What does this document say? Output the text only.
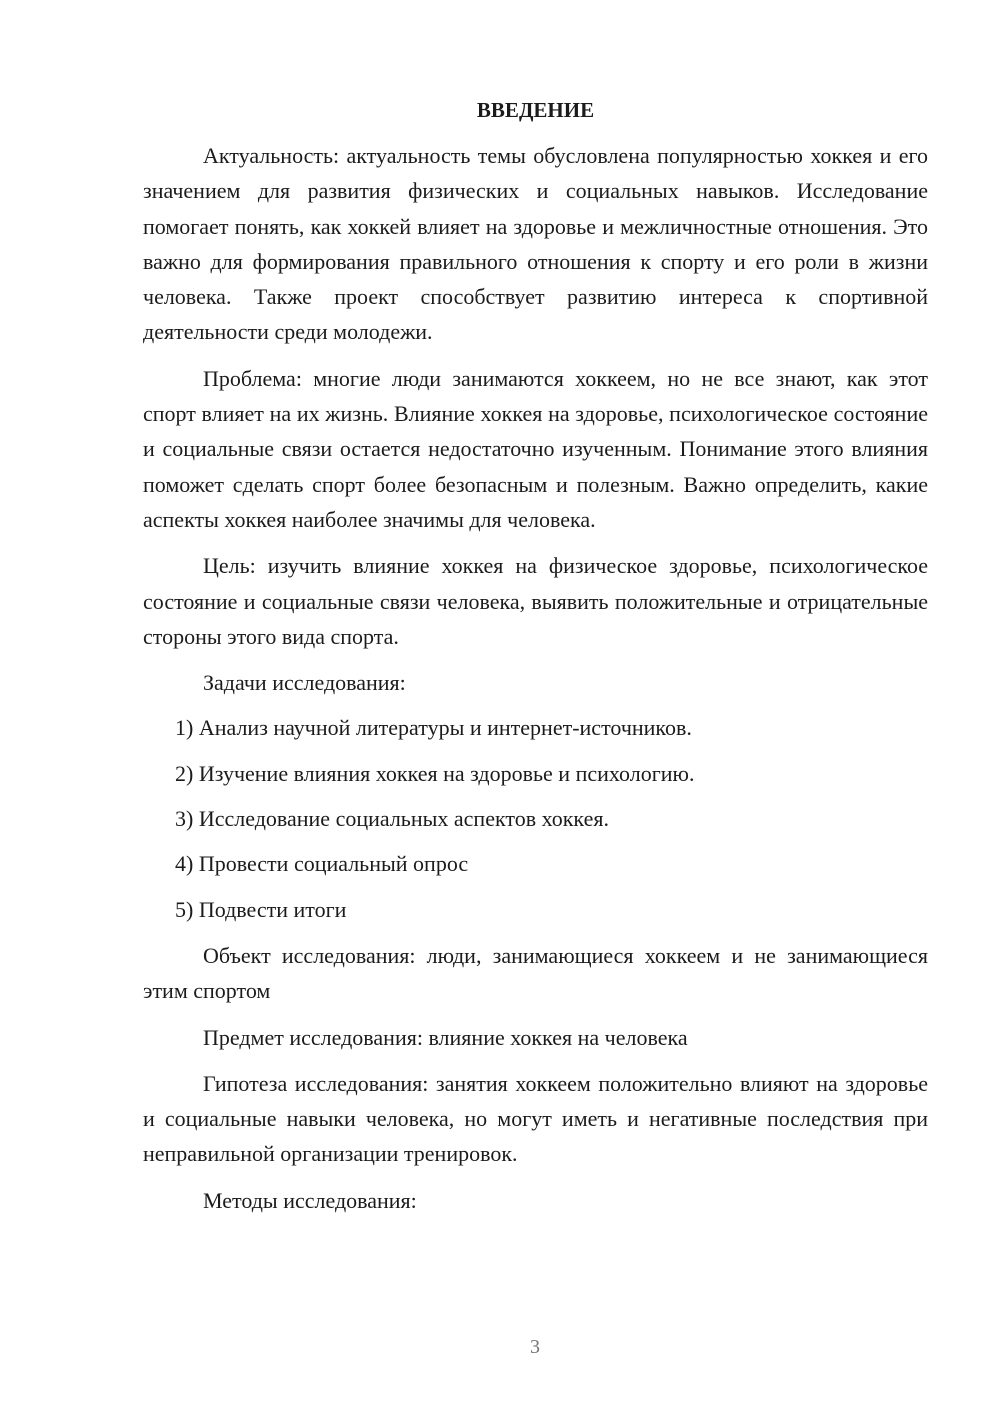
ВВЕДЕНИЕ

Актуальность: актуальность темы обусловлена популярностью хоккея и его значением для развития физических и социальных навыков. Исследование помогает понять, как хоккей влияет на здоровье и межличностные отношения. Это важно для формирования правильного отношения к спорту и его роли в жизни человека. Также проект способствует развитию интереса к спортивной деятельности среди молодежи.

Проблема: многие люди занимаются хоккеем, но не все знают, как этот спорт влияет на их жизнь. Влияние хоккея на здоровье, психологическое состояние и социальные связи остается недостаточно изученным. Понимание этого влияния поможет сделать спорт более безопасным и полезным. Важно определить, какие аспекты хоккея наиболее значимы для человека.

Цель: изучить влияние хоккея на физическое здоровье, психологическое состояние и социальные связи человека, выявить положительные и отрицательные стороны этого вида спорта.

Задачи исследования:

1) Анализ научной литературы и интернет-источников.

2) Изучение влияния хоккея на здоровье и психологию.

3) Исследование социальных аспектов хоккея.

4) Провести социальный опрос

5) Подвести итоги

Объект исследования: люди, занимающиеся хоккеем и не занимающиеся этим спортом

Предмет исследования: влияние хоккея на человека

Гипотеза исследования: занятия хоккеем положительно влияют на здоровье и социальные навыки человека, но могут иметь и негативные последствия при неправильной организации тренировок.

Методы исследования:

3
